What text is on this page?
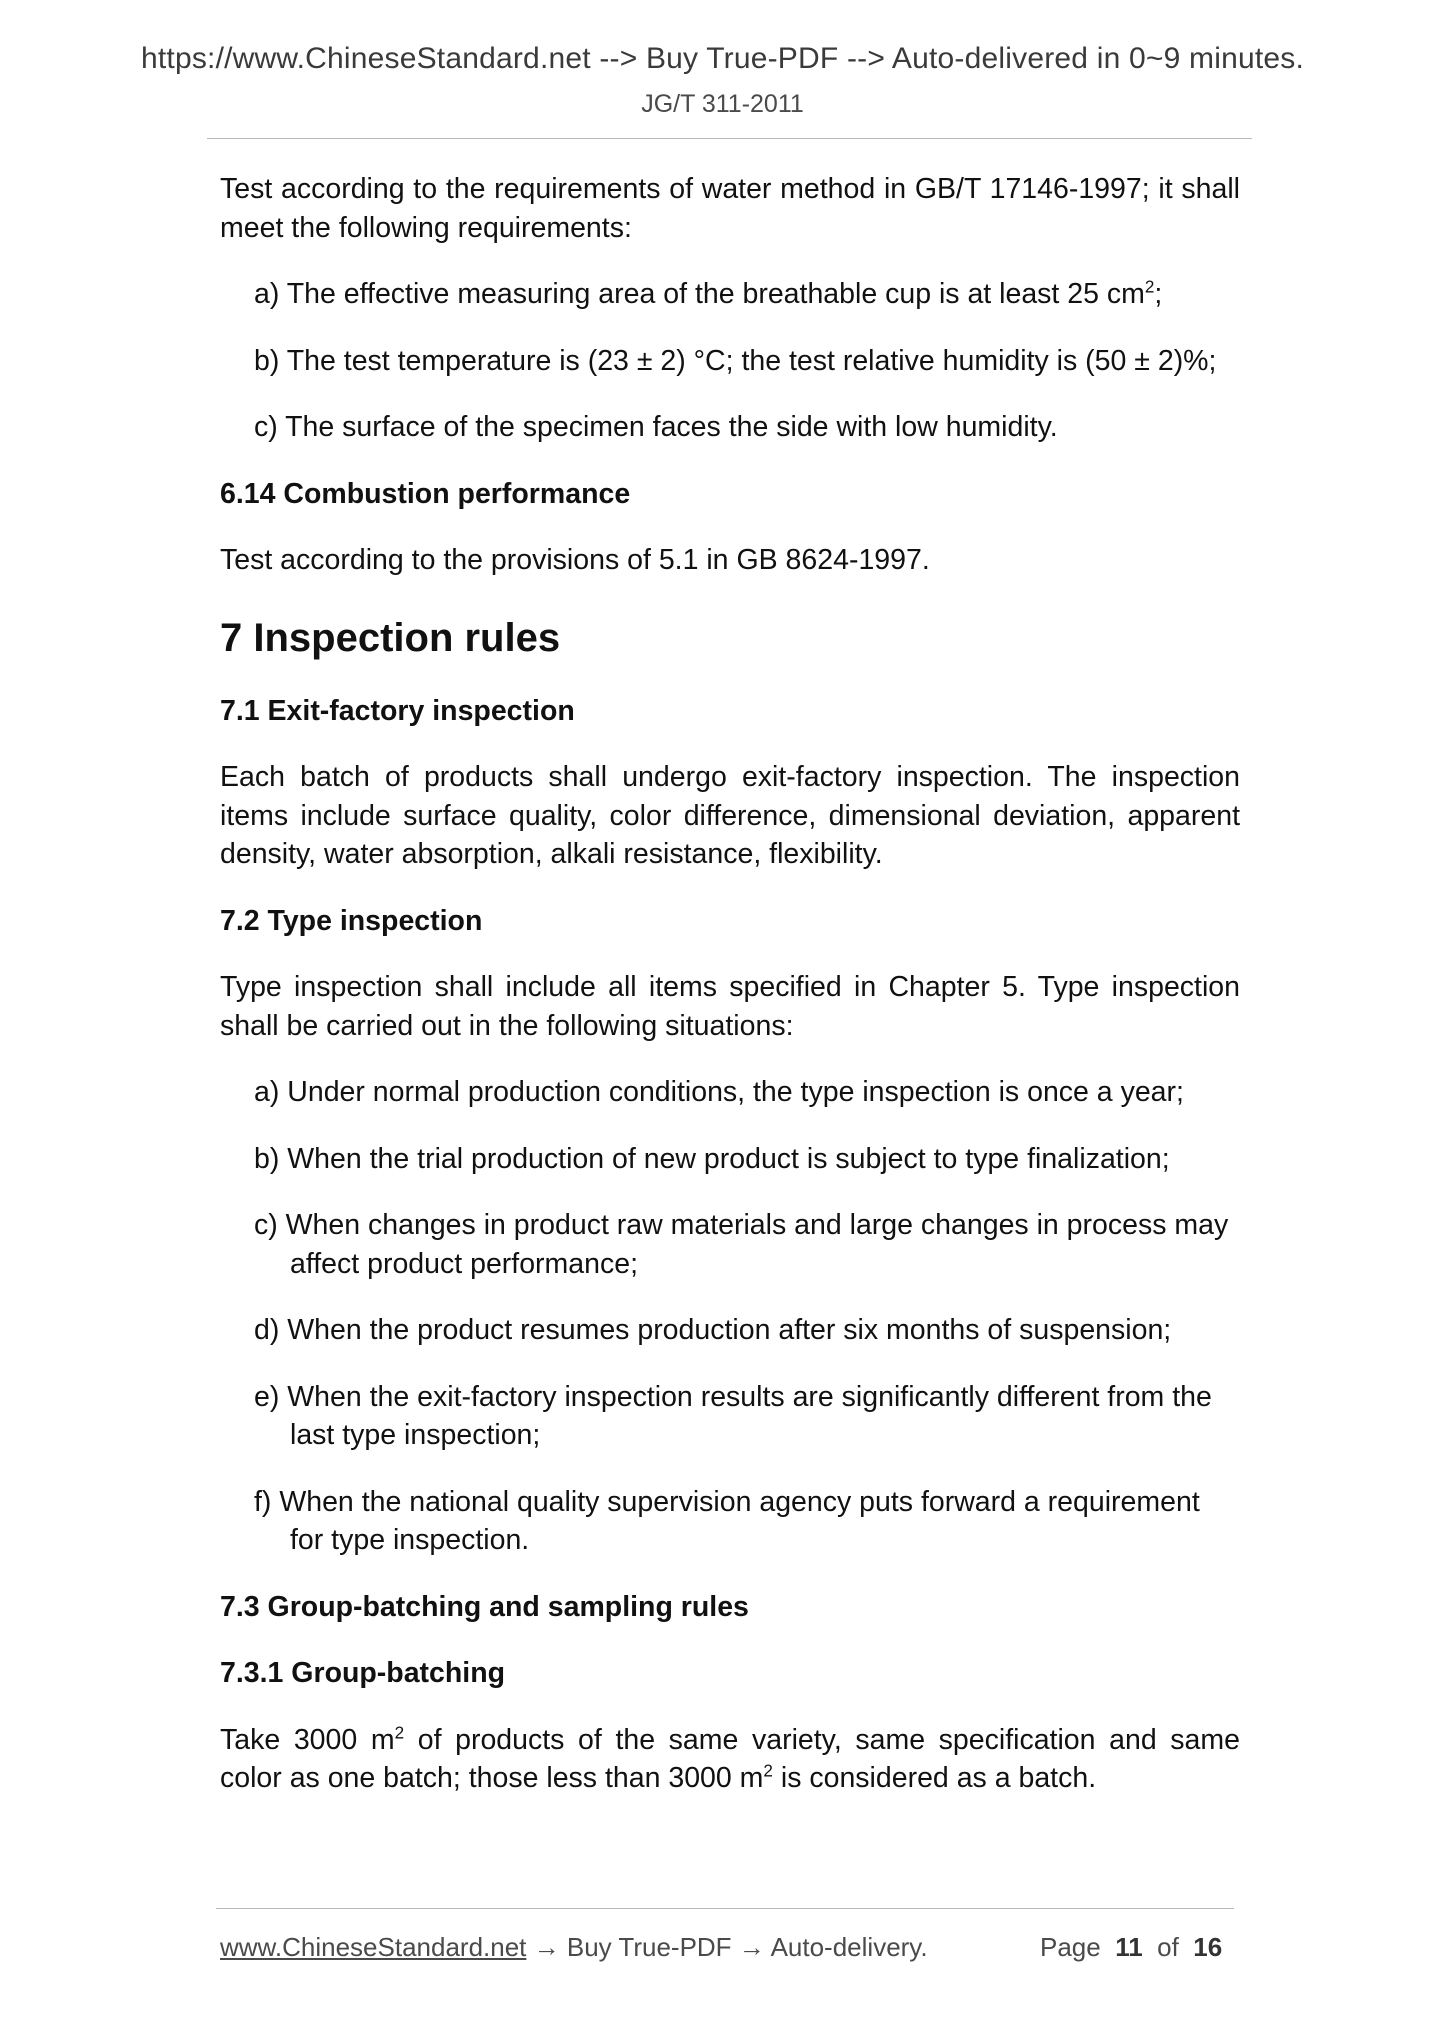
https://www.ChineseStandard.net --> Buy True-PDF --> Auto-delivered in 0~9 minutes.
JG/T 311-2011

Test according to the requirements of water method in GB/T 17146-1997; it shall meet the following requirements:

a) The effective measuring area of the breathable cup is at least 25 $cm^2$;

b) The test temperature is (23 ± 2) °C; the test relative humidity is (50 ± 2)%;

c) The surface of the specimen faces the side with low humidity.

6.14 Combustion performance

Test according to the provisions of 5.1 in GB 8624-1997.

7 Inspection rules

7.1 Exit-factory inspection

Each batch of products shall undergo exit-factory inspection. The inspection items include surface quality, color difference, dimensional deviation, apparent density, water absorption, alkali resistance, flexibility.

7.2 Type inspection

Type inspection shall include all items specified in Chapter 5. Type inspection shall be carried out in the following situations:

a) Under normal production conditions, the type inspection is once a year;

b) When the trial production of new product is subject to type finalization;

c) When changes in product raw materials and large changes in process may affect product performance;

d) When the product resumes production after six months of suspension;

e) When the exit-factory inspection results are significantly different from the last type inspection;

f) When the national quality supervision agency puts forward a requirement for type inspection.

7.3 Group-batching and sampling rules

7.3.1 Group-batching

Take 3000 $m^2$ of products of the same variety, same specification and same color as one batch; those less than 3000 $m^2$ is considered as a batch.

www.ChineseStandard.net → Buy True-PDF → Auto-delivery.	Page 11 of 16
